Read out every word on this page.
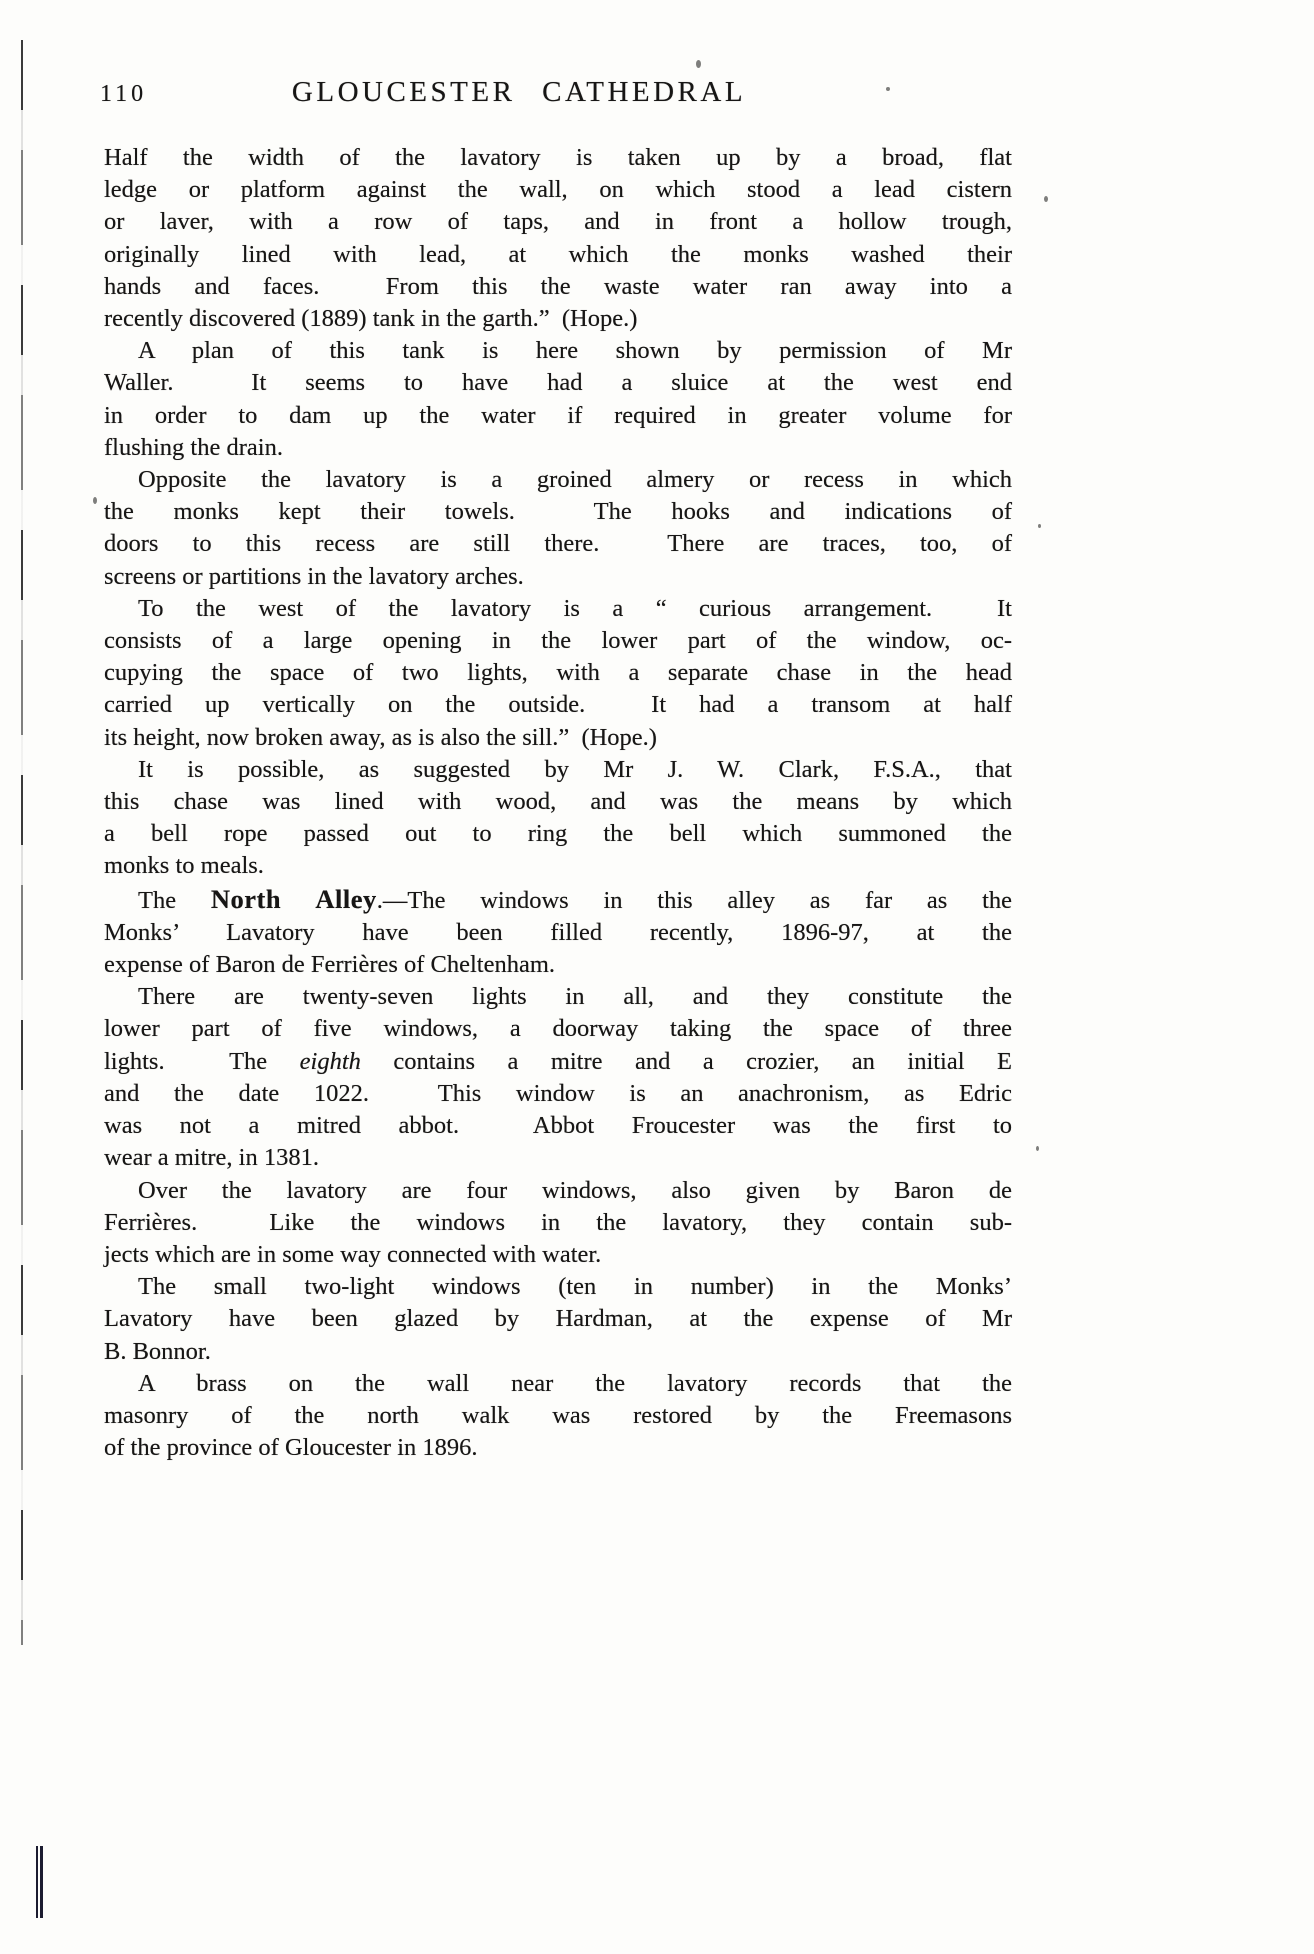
110	GLOUCESTER CATHEDRAL
Half the width of the lavatory is taken up by a broad, flat
ledge or platform against the wall, on which stood a lead cistern
or laver, with a row of taps, and in front a hollow trough,
originally lined with lead, at which the monks washed their
hands and faces.  From this the waste water ran away into a
recently discovered (1889) tank in the garth.”  (Hope.)
A plan of this tank is here shown by permission of Mr
Waller.  It seems to have had a sluice at the west end
in order to dam up the water if required in greater volume for
flushing the drain.
Opposite the lavatory is a groined almery or recess in which
the monks kept their towels.  The hooks and indications of
doors to this recess are still there.  There are traces, too, of
screens or partitions in the lavatory arches.
To the west of the lavatory is a “ curious arrangement.  It
consists of a large opening in the lower part of the window, oc-
cupying the space of two lights, with a separate chase in the head
carried up vertically on the outside.  It had a transom at half
its height, now broken away, as is also the sill.”  (Hope.)
It is possible, as suggested by Mr J. W. Clark, F.S.A., that
this chase was lined with wood, and was the means by which
a bell rope passed out to ring the bell which summoned the
monks to meals.
The North Alley.—The windows in this alley as far as the
Monks’ Lavatory have been filled recently, 1896-97, at the
expense of Baron de Ferrières of Cheltenham.
There are twenty-seven lights in all, and they constitute the
lower part of five windows, a doorway taking the space of three
lights.  The eighth contains a mitre and a crozier, an initial E
and the date 1022.  This window is an anachronism, as Edric
was not a mitred abbot.  Abbot Froucester was the first to
wear a mitre, in 1381.
Over the lavatory are four windows, also given by Baron de
Ferrières.  Like the windows in the lavatory, they contain sub-
jects which are in some way connected with water.
The small two-light windows (ten in number) in the Monks’
Lavatory have been glazed by Hardman, at the expense of Mr
B. Bonnor.
A brass on the wall near the lavatory records that the
masonry of the north walk was restored by the Freemasons
of the province of Gloucester in 1896.
